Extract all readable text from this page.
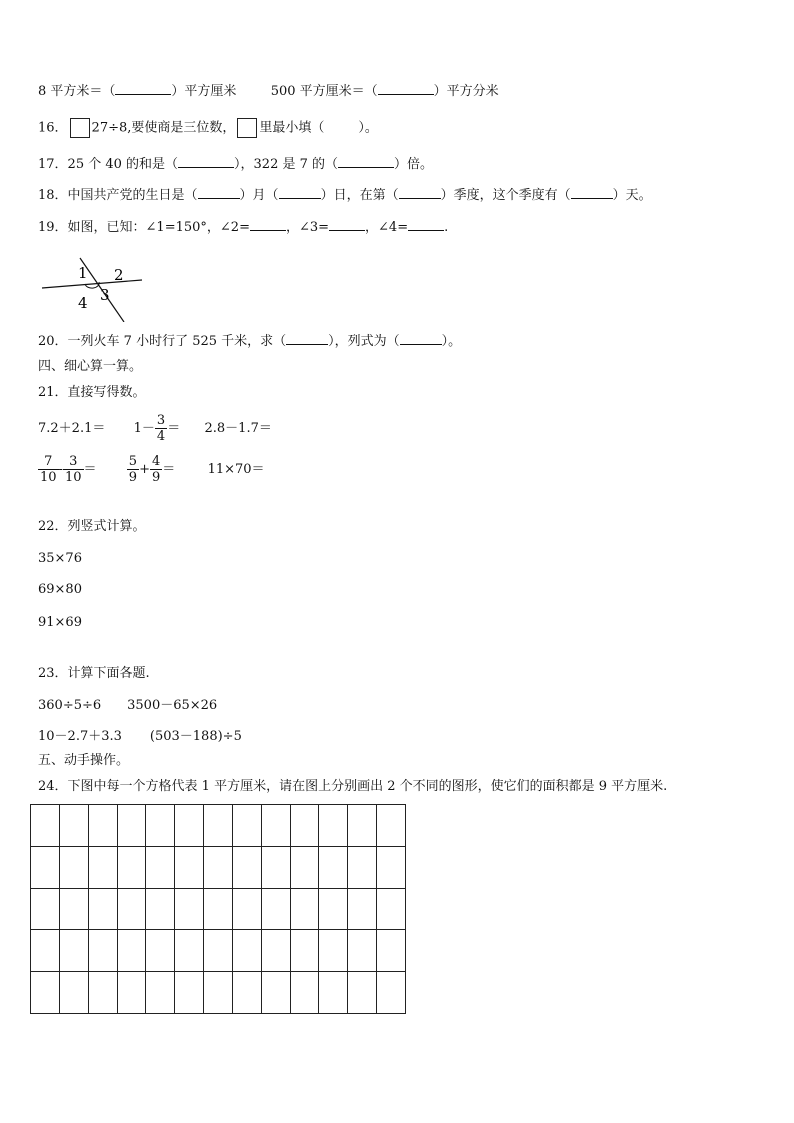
8 平方米＝（	）平方厘米	500 平方厘米＝（	）平方分米
16． 27÷8,要使商是三位数， 里最小填（	）。
17．25 个 40 的和是（	），322 是 7 的（	）倍。
18．中国共产党的生日是（	）月（	）日，在第（	）季度，这个季度有（	）天。
19．如图，已知：∠1=150°，∠2=	，∠3=	，∠4=	.
1 2
3
4
20．一列火车 7 小时行了 525 千米，求（	），列式为（	）。
四、细心算一算。
21．直接写得数。
$7.2+2.1= 1- \frac{3}{4} = 2.8-1.7=$
$\frac{7}{10} - \frac{3}{10} = \frac{5}{9} + \frac{4}{9} = 11\times 70=$
22．列竖式计算。
35×76
69×80
91×69
23．计算下面各题.
360÷5÷6 3500－65×26
10－2.7＋3.3 (503－188)÷5
五、动手操作。
24．下图中每一个方格代表 1 平方厘米，请在图上分别画出 2 个不同的图形，使它们的面积都是 9 平方厘米.
